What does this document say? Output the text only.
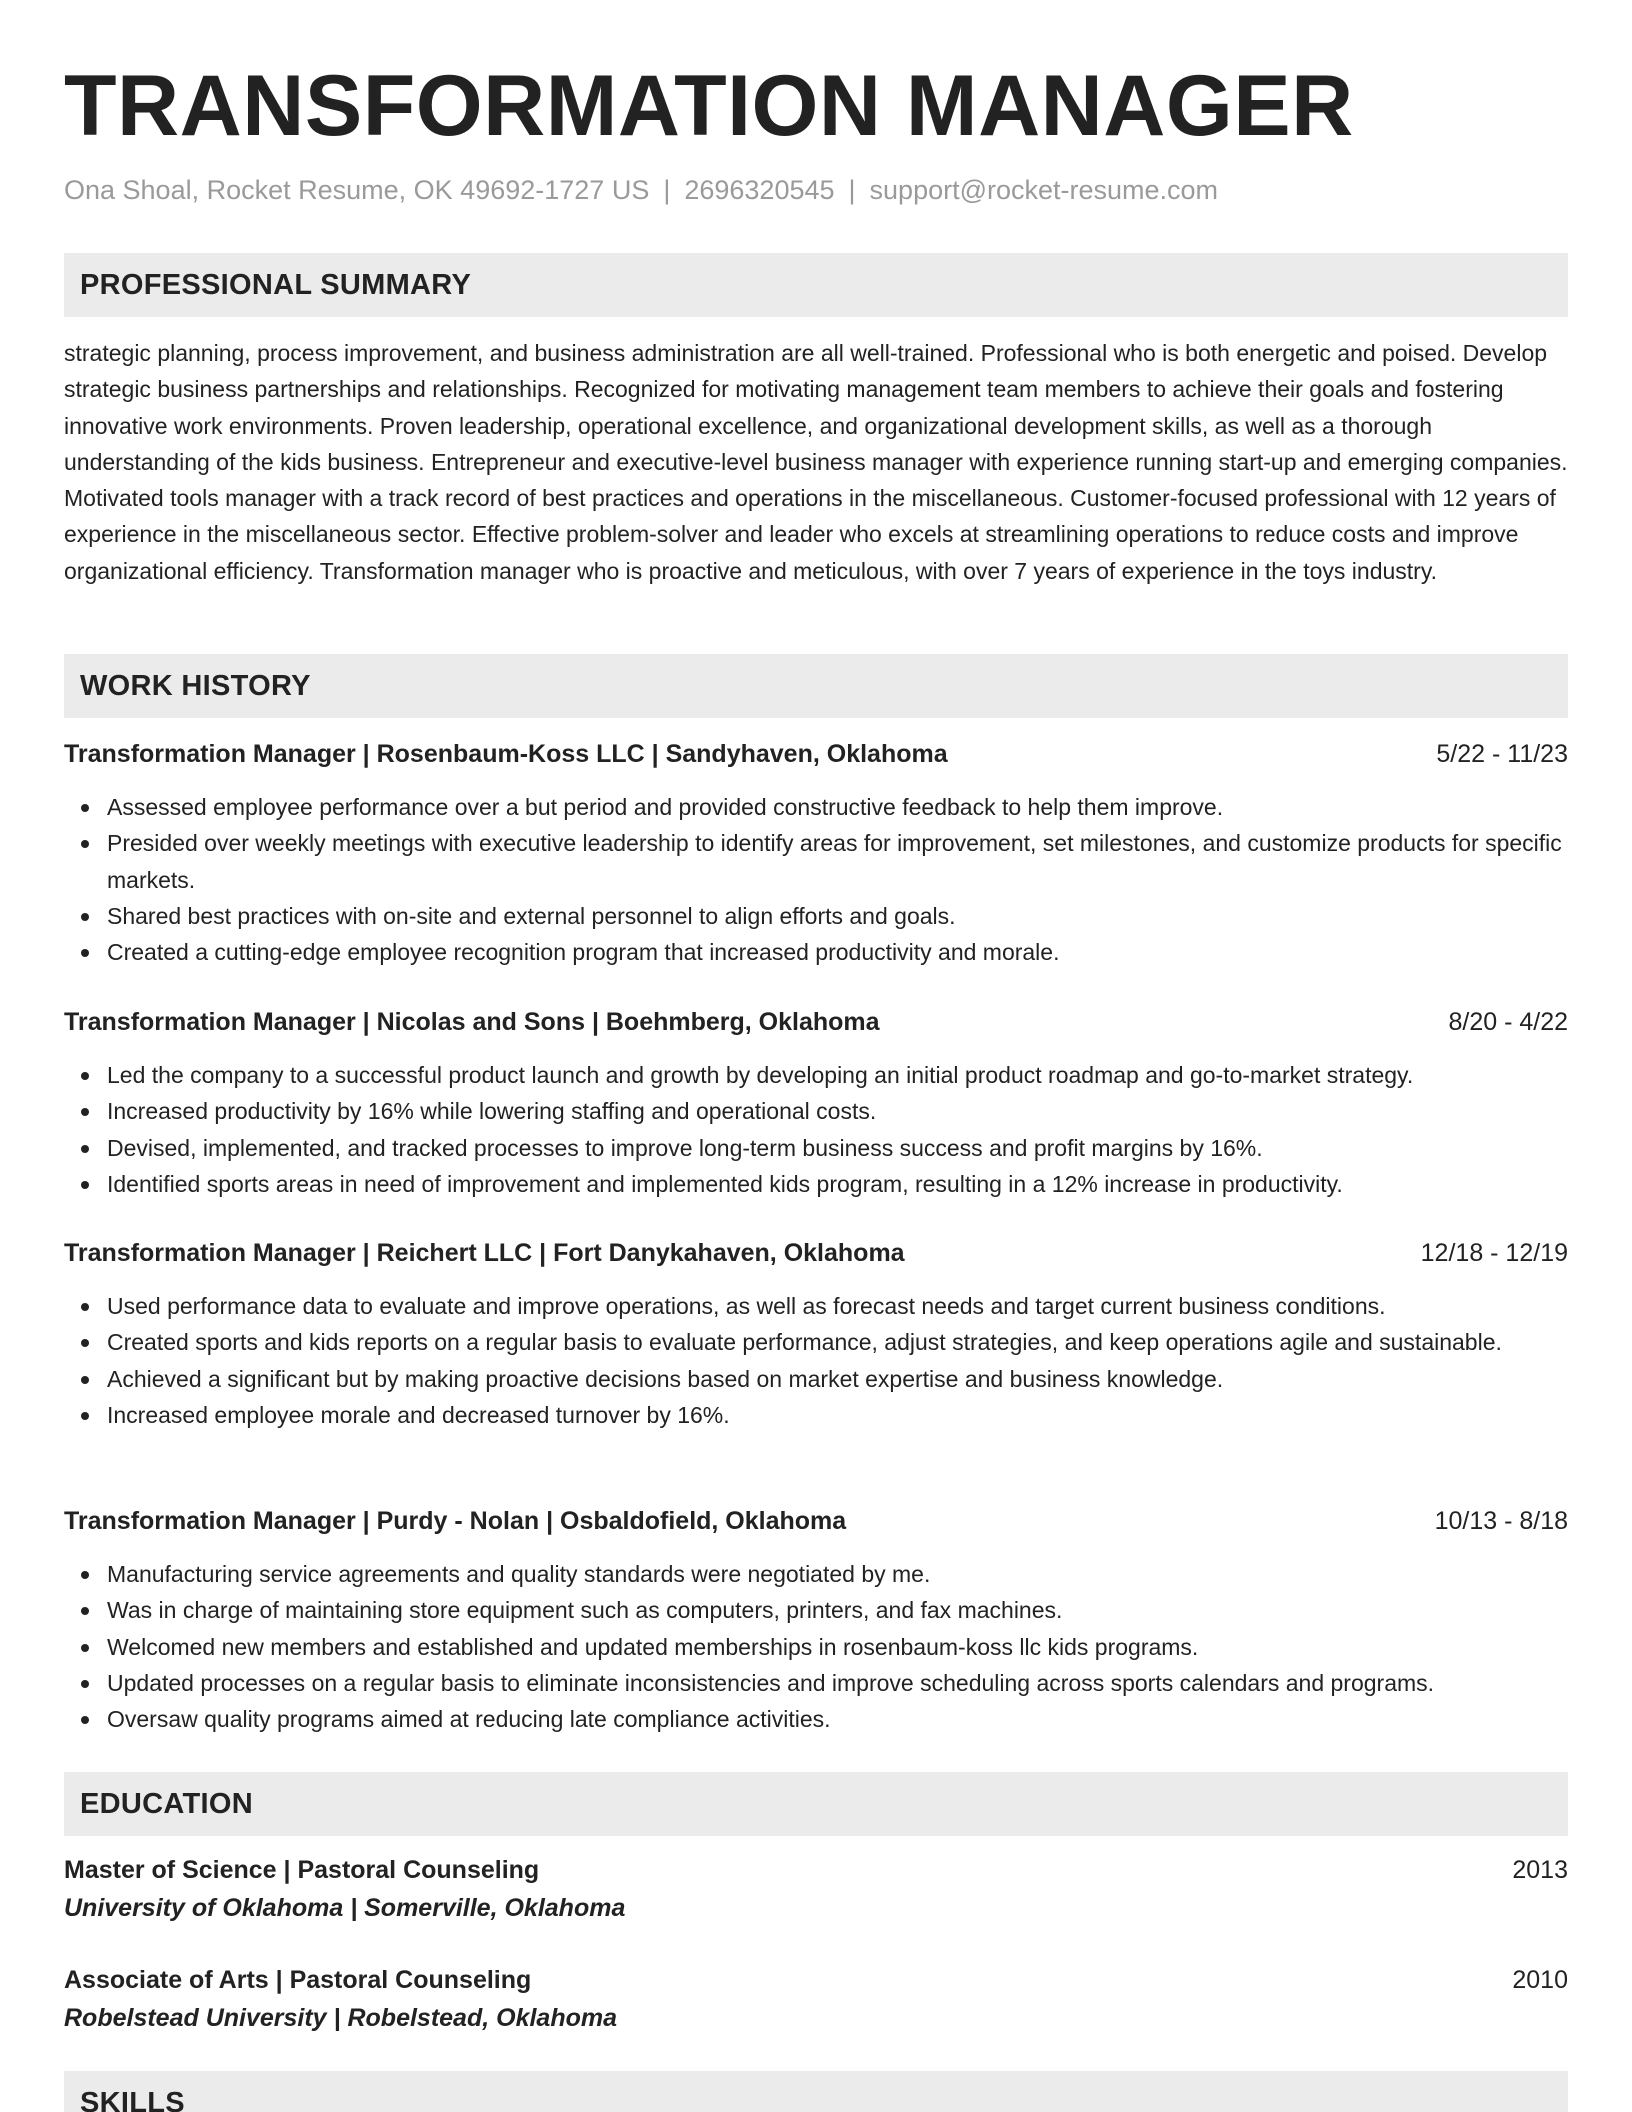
TRANSFORMATION MANAGER
Ona Shoal, Rocket Resume, OK 49692-1727 US | 2696320545 | support@rocket-resume.com
PROFESSIONAL SUMMARY
strategic planning, process improvement, and business administration are all well-trained. Professional who is both energetic and poised. Develop strategic business partnerships and relationships. Recognized for motivating management team members to achieve their goals and fostering innovative work environments. Proven leadership, operational excellence, and organizational development skills, as well as a thorough understanding of the kids business. Entrepreneur and executive-level business manager with experience running start-up and emerging companies. Motivated tools manager with a track record of best practices and operations in the miscellaneous. Customer-focused professional with 12 years of experience in the miscellaneous sector. Effective problem-solver and leader who excels at streamlining operations to reduce costs and improve organizational efficiency. Transformation manager who is proactive and meticulous, with over 7 years of experience in the toys industry.
WORK HISTORY
Transformation Manager | Rosenbaum-Koss LLC | Sandyhaven, Oklahoma	5/22 - 11/23
Assessed employee performance over a but period and provided constructive feedback to help them improve.
Presided over weekly meetings with executive leadership to identify areas for improvement, set milestones, and customize products for specific markets.
Shared best practices with on-site and external personnel to align efforts and goals.
Created a cutting-edge employee recognition program that increased productivity and morale.
Transformation Manager | Nicolas and Sons | Boehmberg, Oklahoma	8/20 - 4/22
Led the company to a successful product launch and growth by developing an initial product roadmap and go-to-market strategy.
Increased productivity by 16% while lowering staffing and operational costs.
Devised, implemented, and tracked processes to improve long-term business success and profit margins by 16%.
Identified sports areas in need of improvement and implemented kids program, resulting in a 12% increase in productivity.
Transformation Manager | Reichert LLC | Fort Danykahaven, Oklahoma	12/18 - 12/19
Used performance data to evaluate and improve operations, as well as forecast needs and target current business conditions.
Created sports and kids reports on a regular basis to evaluate performance, adjust strategies, and keep operations agile and sustainable.
Achieved a significant but by making proactive decisions based on market expertise and business knowledge.
Increased employee morale and decreased turnover by 16%.
Transformation Manager | Purdy - Nolan | Osbaldofield, Oklahoma	10/13 - 8/18
Manufacturing service agreements and quality standards were negotiated by me.
Was in charge of maintaining store equipment such as computers, printers, and fax machines.
Welcomed new members and established and updated memberships in rosenbaum-koss llc kids programs.
Updated processes on a regular basis to eliminate inconsistencies and improve scheduling across sports calendars and programs.
Oversaw quality programs aimed at reducing late compliance activities.
EDUCATION
Master of Science | Pastoral Counseling	2013
University of Oklahoma | Somerville, Oklahoma
Associate of Arts | Pastoral Counseling	2010
Robelstead University | Robelstead, Oklahoma
SKILLS
